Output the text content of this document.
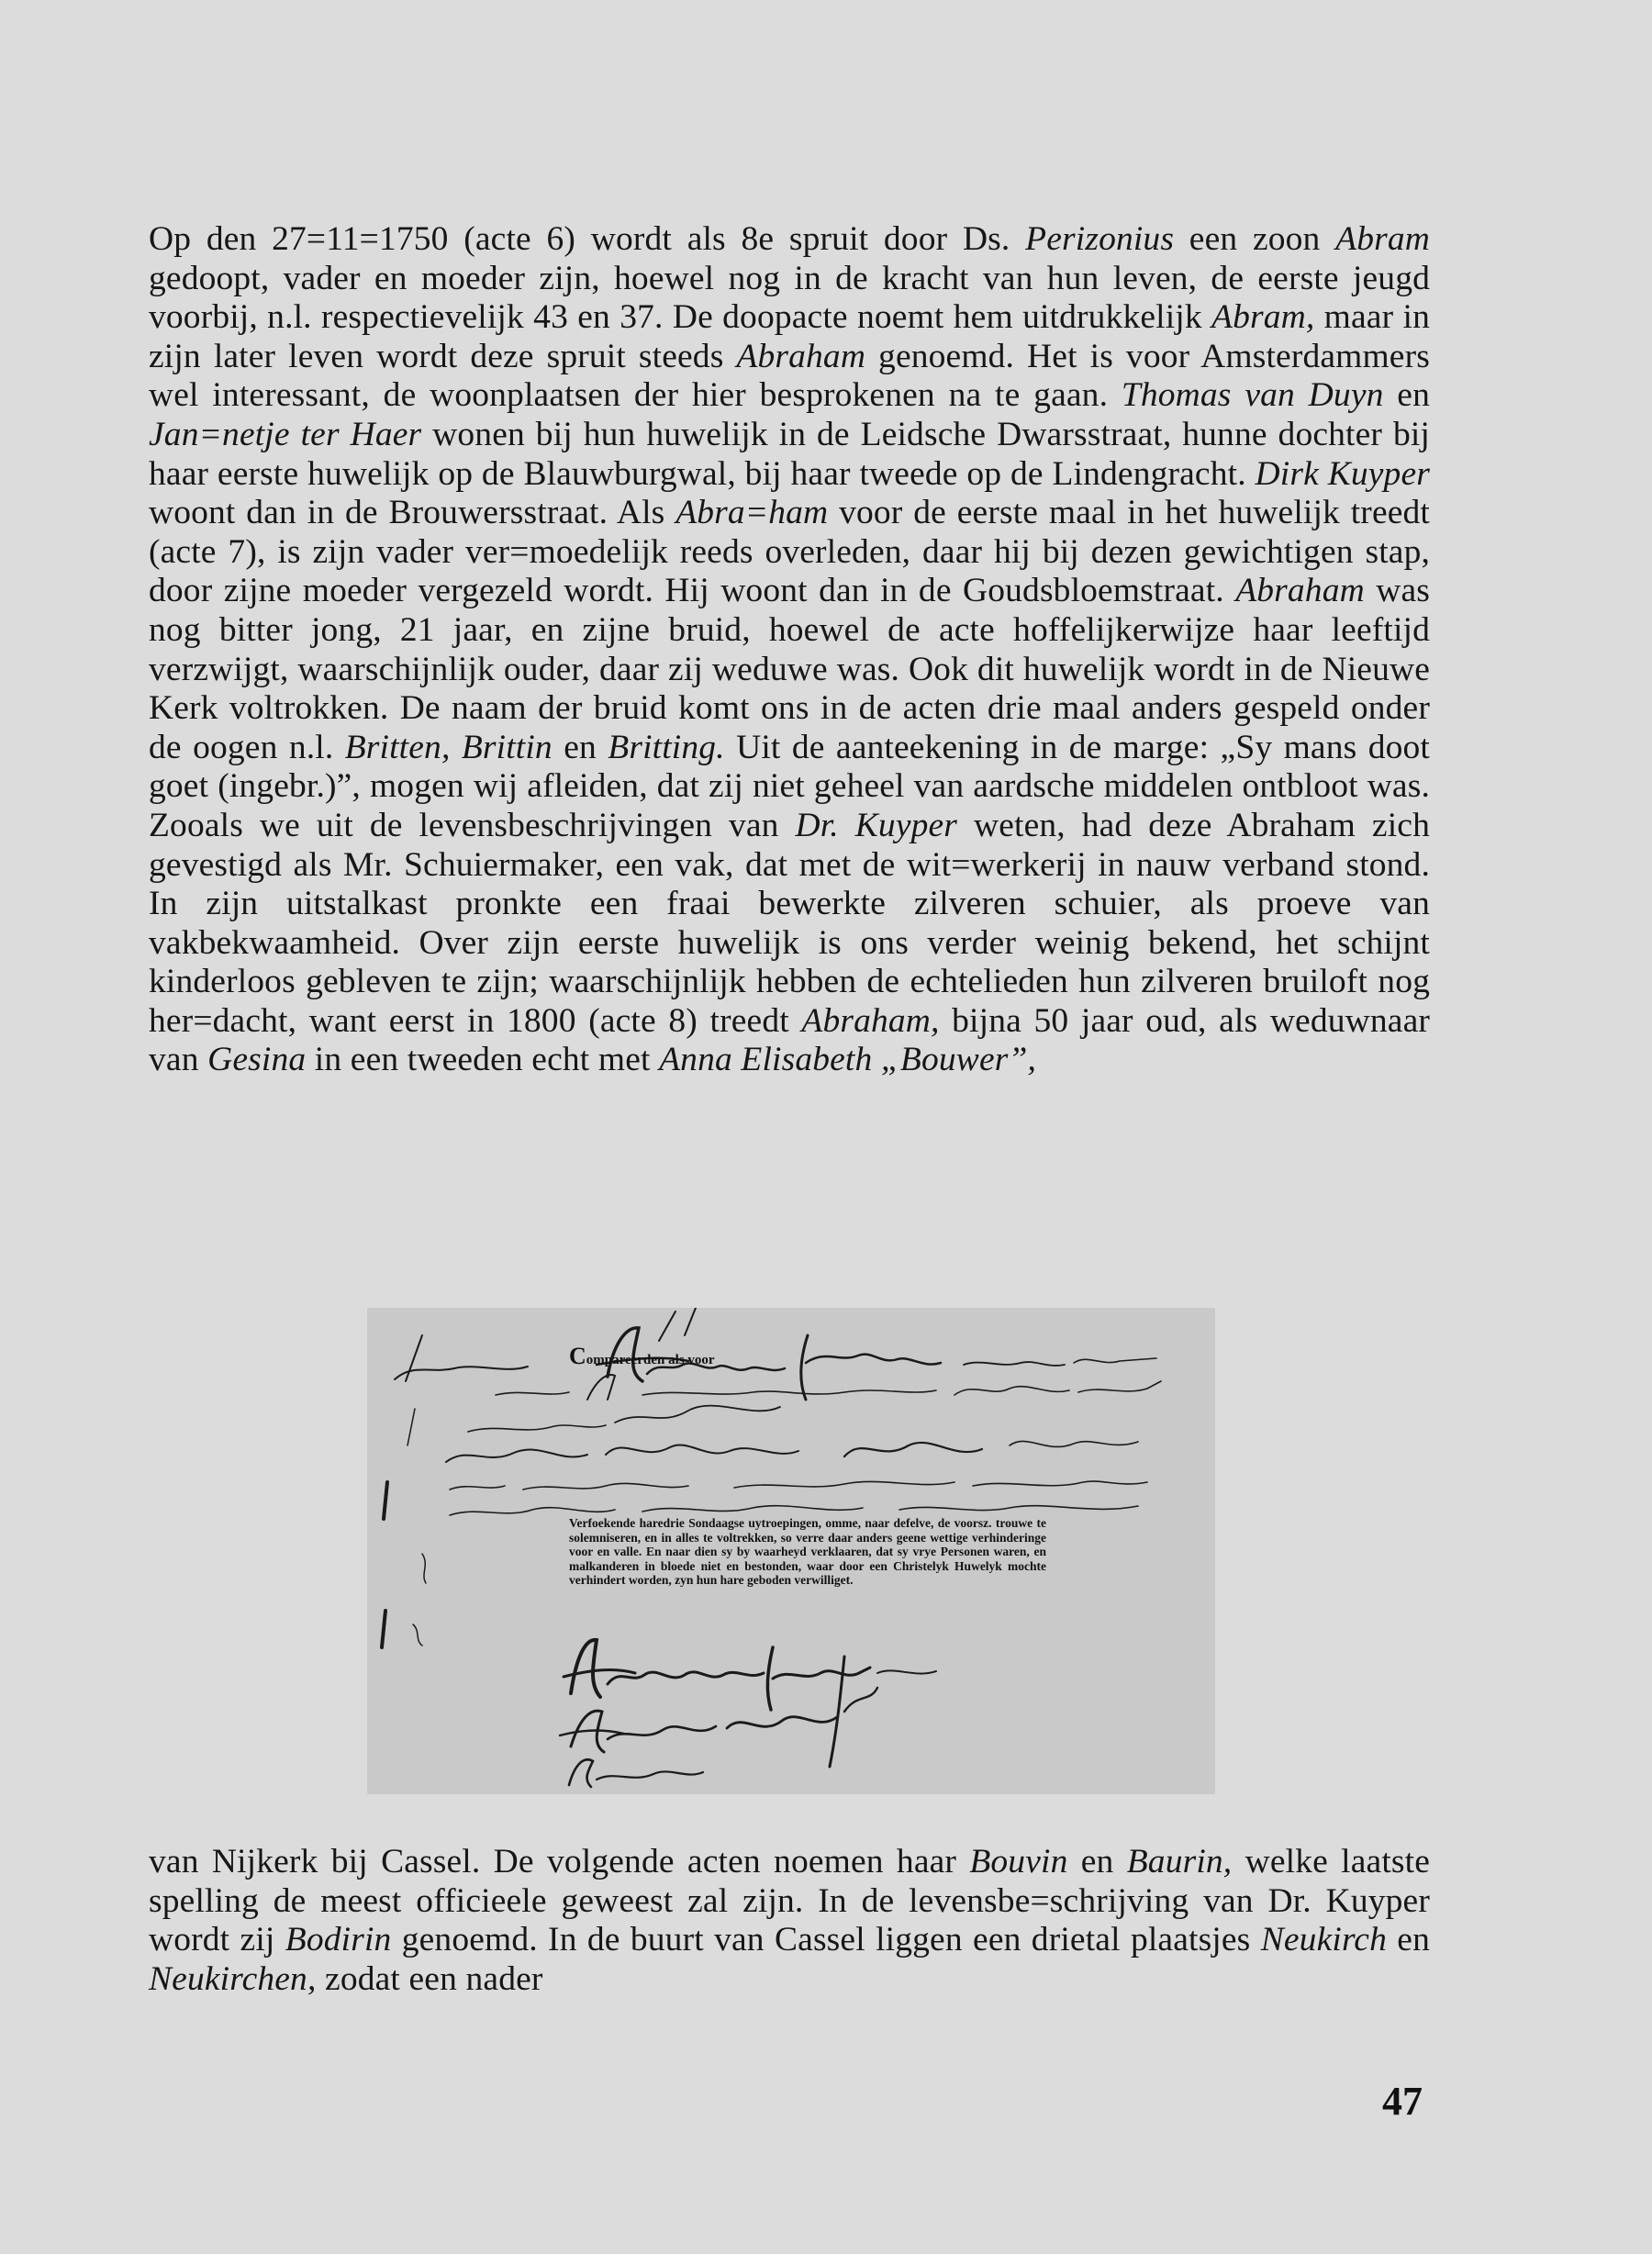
Op den 27=11=1750 (acte 6) wordt als 8e spruit door Ds. Perizonius een zoon Abram gedoopt, vader en moeder zijn, hoewel nog in de kracht van hun leven, de eerste jeugd voorbij, n.l. respectievelijk 43 en 37. De doopacte noemt hem uitdrukkelijk Abram, maar in zijn later leven wordt deze spruit steeds Abraham genoemd. Het is voor Amsterdammers wel interessant, de woonplaatsen der hier besprokenen na te gaan. Thomas van Duyn en Jan=netje ter Haer wonen bij hun huwelijk in de Leidsche Dwarsstraat, hunne dochter bij haar eerste huwelijk op de Blauwburgwal, bij haar tweede op de Lindengracht. Dirk Kuyper woont dan in de Brouwersstraat. Als Abra=ham voor de eerste maal in het huwelijk treedt (acte 7), is zijn vader ver=moedelijk reeds overleden, daar hij bij dezen gewichtigen stap, door zijne moeder vergezeld wordt. Hij woont dan in de Goudsbloemstraat. Abraham was nog bitter jong, 21 jaar, en zijne bruid, hoewel de acte hoffelijkerwijze haar leeftijd verzwijgt, waarschijnlijk ouder, daar zij weduwe was. Ook dit huwelijk wordt in de Nieuwe Kerk voltrokken. De naam der bruid komt ons in de acten drie maal anders gespeld onder de oogen n.l. Britten, Brittin en Britting. Uit de aanteekening in de marge: „Sy mans doot goet (ingebr.)”, mogen wij afleiden, dat zij niet geheel van aardsche middelen ontbloot was. Zooals we uit de levensbeschrijvingen van Dr. Kuyper weten, had deze Abraham zich gevestigd als Mr. Schuiermaker, een vak, dat met de wit=werkerij in nauw verband stond. In zijn uitstalkast pronkte een fraai bewerkte zilveren schuier, als proeve van vakbekwaamheid. Over zijn eerste huwelijk is ons verder weinig bekend, het schijnt kinderloos gebleven te zijn; waarschijnlijk hebben de echtelieden hun zilveren bruiloft nog her=dacht, want eerst in 1800 (acte 8) treedt Abraham, bijna 50 jaar oud, als weduwnaar van Gesina in een tweeden echt met Anna Elisabeth „Bouwer”,
Compareerden als voor
Verfoekende haredrie Sondaagse uytroepingen, omme, naar defelve, de voorsz. trouwe te solemniseren, en in alles te voltrekken, so verre daar anders geene wettige verhinderinge voor en valle. En naar dien sy by waarheyd verklaaren, dat sy vrye Personen waren, en malkanderen in bloede niet en bestonden, waar door een Christelyk Huwelyk mochte verhindert worden, zyn hun hare geboden verwilliget.
van Nijkerk bij Cassel. De volgende acten noemen haar Bouvin en Baurin, welke laatste spelling de meest officieele geweest zal zijn. In de levensbe=schrijving van Dr. Kuyper wordt zij Bodirin genoemd. In de buurt van Cassel liggen een drietal plaatsjes Neukirch en Neukirchen, zodat een nader
47
